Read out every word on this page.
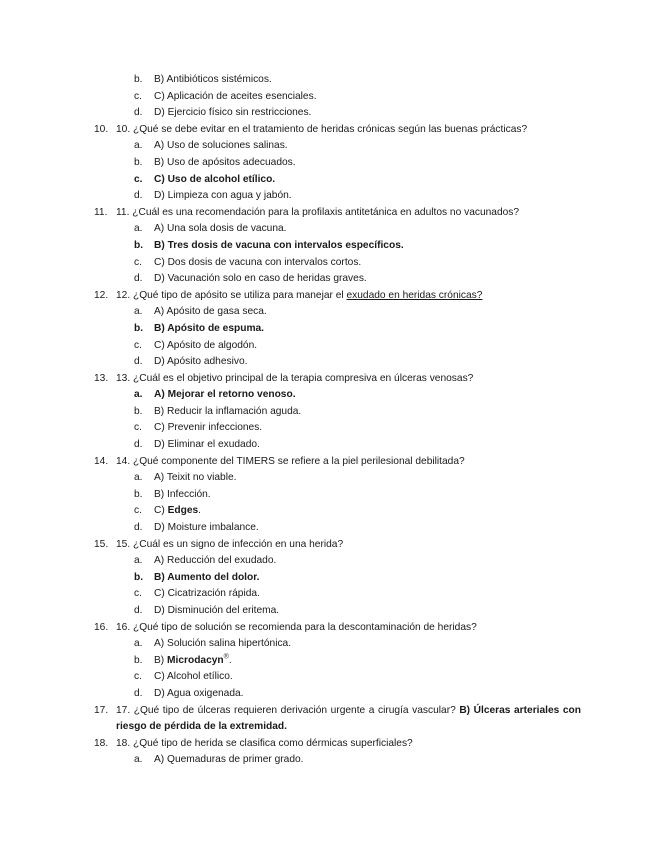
b.	B) Antibióticos sistémicos.
c.	C) Aplicación de aceites esenciales.
d.	D) Ejercicio físico sin restricciones.
10. 10. ¿Qué se debe evitar en el tratamiento de heridas crónicas según las buenas prácticas?
a.	A) Uso de soluciones salinas.
b.	B) Uso de apósitos adecuados.
c.	C) Uso de alcohol etílico.
d.	D) Limpieza con agua y jabón.
11. 11. ¿Cuál es una recomendación para la profilaxis antitetánica en adultos no vacunados?
a.	A) Una sola dosis de vacuna.
b.	B) Tres dosis de vacuna con intervalos específicos.
c.	C) Dos dosis de vacuna con intervalos cortos.
d.	D) Vacunación solo en caso de heridas graves.
12. 12. ¿Qué tipo de apósito se utiliza para manejar el exudado en heridas crónicas?
a.	A) Apósito de gasa seca.
b.	B) Apósito de espuma.
c.	C) Apósito de algodón.
d.	D) Apósito adhesivo.
13. 13. ¿Cuál es el objetivo principal de la terapia compresiva en úlceras venosas?
a.	A) Mejorar el retorno venoso.
b.	B) Reducir la inflamación aguda.
c.	C) Prevenir infecciones.
d.	D) Eliminar el exudado.
14. 14. ¿Qué componente del TIMERS se refiere a la piel perilesional debilitada?
a.	A) Teixit no viable.
b.	B) Infección.
c.	C) Edges.
d.	D) Moisture imbalance.
15. 15. ¿Cuál es un signo de infección en una herida?
a.	A) Reducción del exudado.
b.	B) Aumento del dolor.
c.	C) Cicatrización rápida.
d.	D) Disminución del eritema.
16. 16. ¿Qué tipo de solución se recomienda para la descontaminación de heridas?
a.	A) Solución salina hipertónica.
b.	B) Microdacyn®.
c.	C) Alcohol etílico.
d.	D) Agua oxigenada.
17. 17. ¿Qué tipo de úlceras requieren derivación urgente a cirugía vascular? B) Úlceras arteriales con riesgo de pérdida de la extremidad.
18. 18. ¿Qué tipo de herida se clasifica como dérmicas superficiales?
a.	A) Quemaduras de primer grado.
